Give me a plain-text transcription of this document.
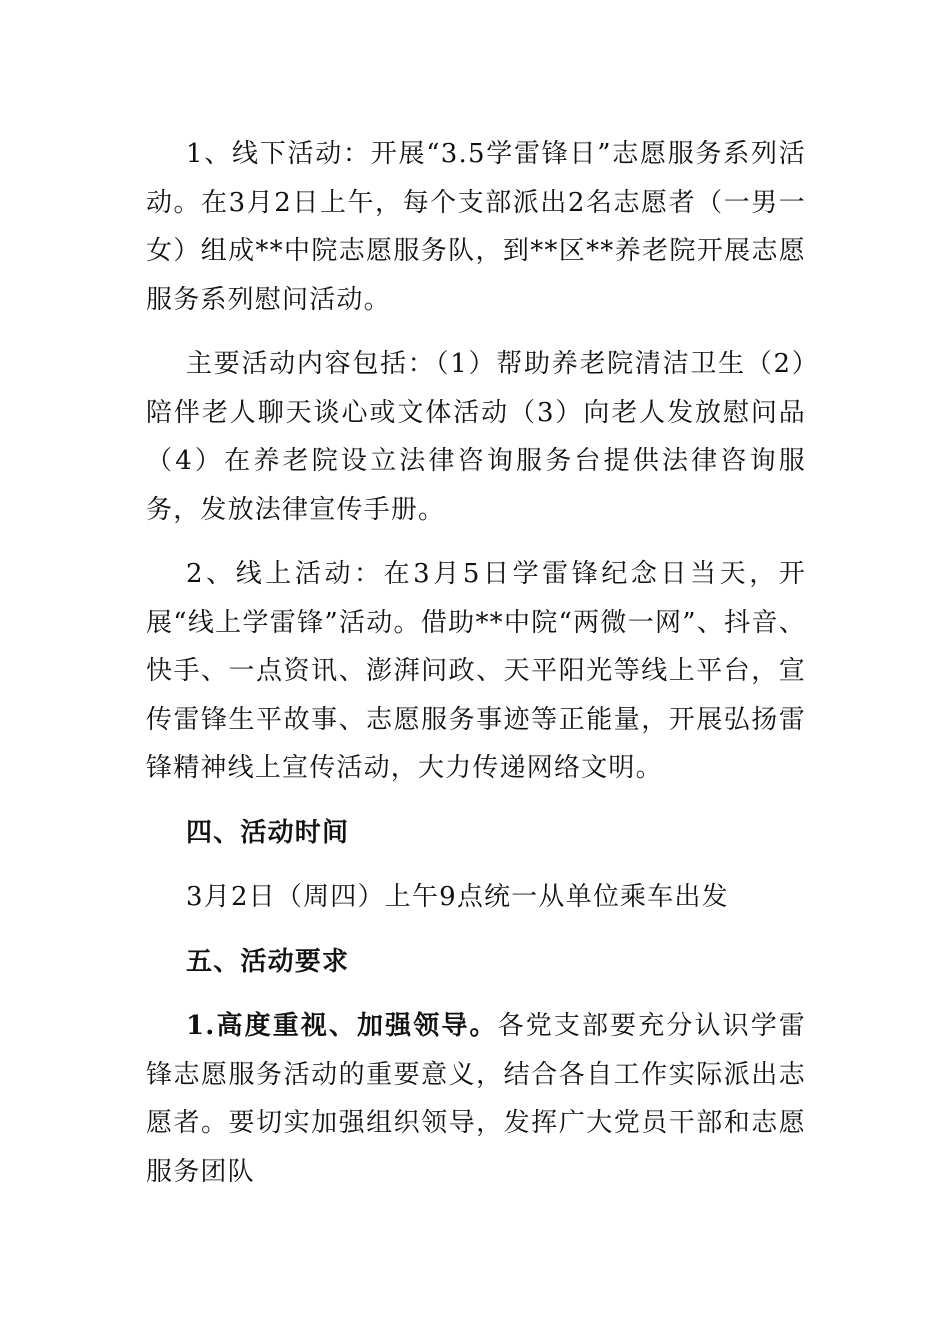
1、线下活动：开展“3.5学雷锋日”志愿服务系列活动。在3月2日上午，每个支部派出2名志愿者（一男一女）组成**中院志愿服务队，到**区**养老院开展志愿服务系列慰问活动。

主要活动内容包括：（1）帮助养老院清洁卫生（2）陪伴老人聊天谈心或文体活动（3）向老人发放慰问品（4）在养老院设立法律咨询服务台提供法律咨询服务，发放法律宣传手册。

2、线上活动：在3月5日学雷锋纪念日当天，开展“线上学雷锋”活动。借助**中院“两微一网”、抖音、快手、一点资讯、澎湃问政、天平阳光等线上平台，宣传雷锋生平故事、志愿服务事迹等正能量，开展弘扬雷锋精神线上宣传活动，大力传递网络文明。

四、活动时间

3月2日（周四）上午9点统一从单位乘车出发

五、活动要求

1.高度重视、加强领导。各党支部要充分认识学雷锋志愿服务活动的重要意义，结合各自工作实际派出志愿者。要切实加强组织领导，发挥广大党员干部和志愿服务团队
